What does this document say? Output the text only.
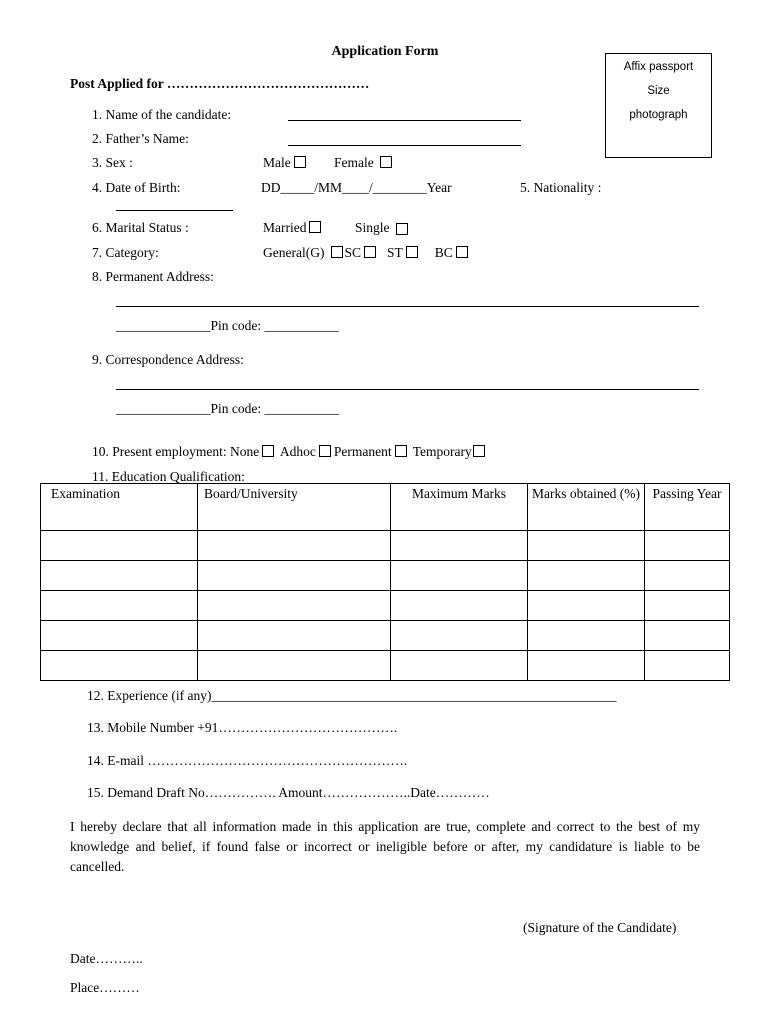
Application Form
Post Applied for ………………………………………
Affix passport
Size
photograph
1. Name of the candidate:
2. Father’s Name:
3. Sex :	Male	Female
4. Date of Birth:	DD_____/MM____/________Year	5. Nationality :
6. Marital Status :	Married	Single
7. Category:	General(G) SC ST BC
8. Permanent Address:
______________Pin code: ___________
9. Correspondence Address:
______________Pin code: ___________
10. Present employment: None Adhoc Permanent Temporary
11. Education Qualification:
Examination	Board/University	Maximum Marks	Marks obtained (%)	Passing Year

12. Experience (if any)____________________________________________________________
13. Mobile Number +91………………………………….
14. E-mail ………………………………………………….
15. Demand Draft No……………. Amount………………..Date…………
I hereby declare that all information made in this application are true, complete and correct to the best of my knowledge and belief, if found false or incorrect or ineligible before or after, my candidature is liable to be cancelled.
(Signature of the Candidate)
Date………..
Place………
